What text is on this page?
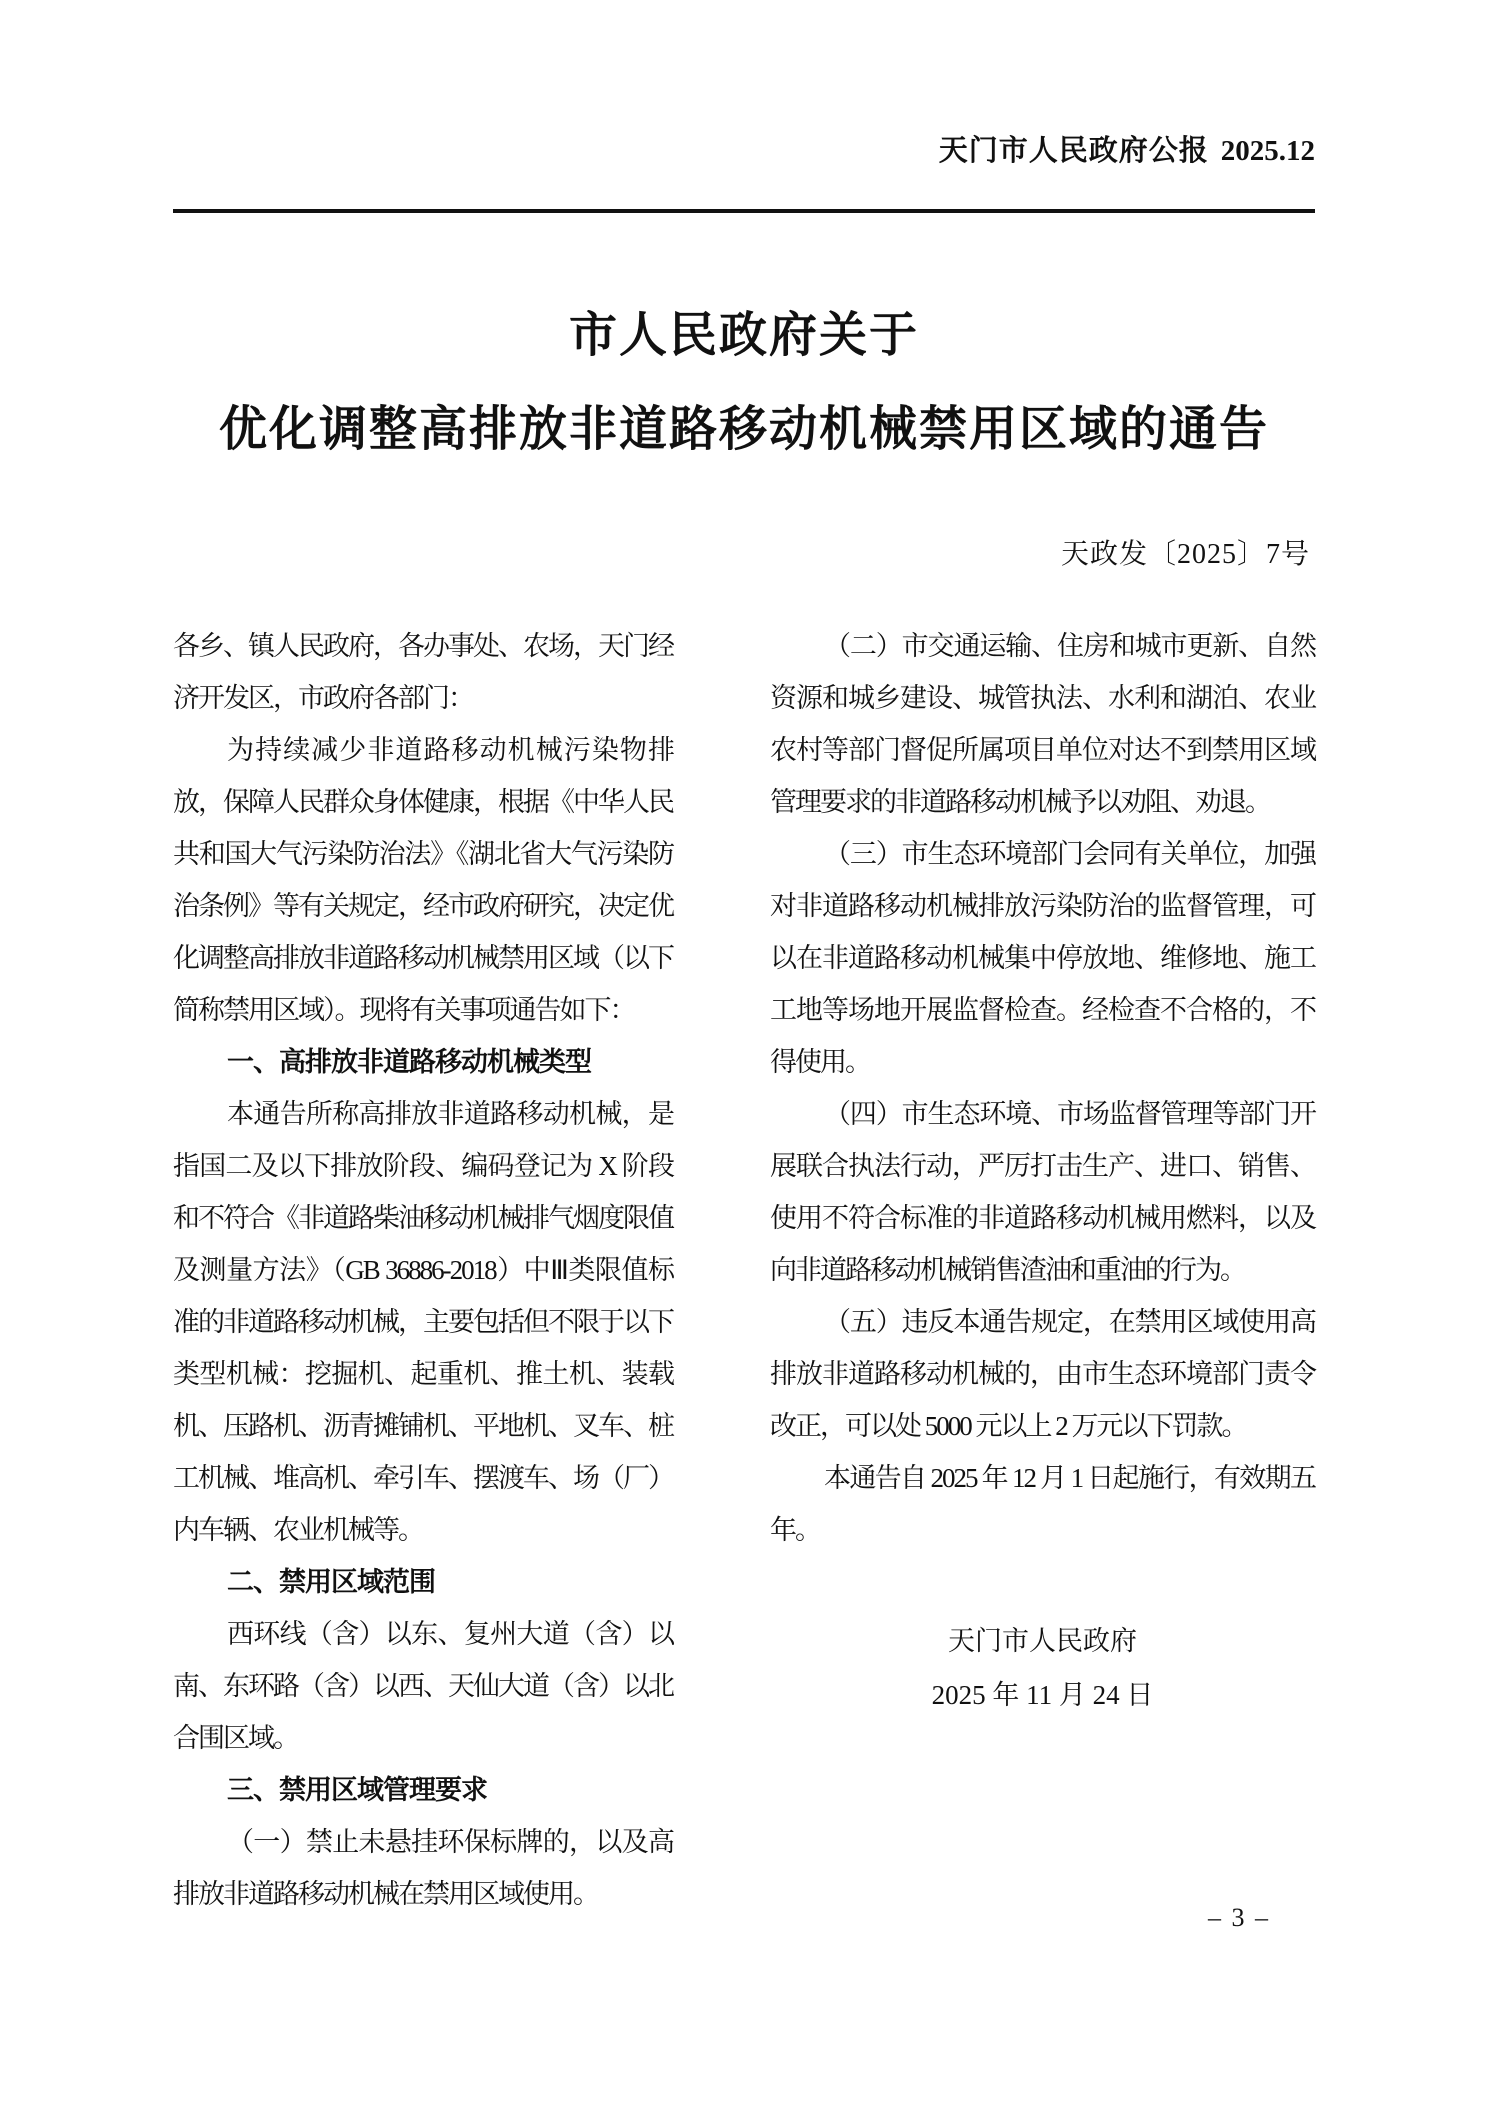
天门市人民政府公报 2025.12
市人民政府关于
优化调整高排放非道路移动机械禁用区域的通告
天政发〔2025〕7号

各乡、镇人民政府，各办事处、农场，天门经济开发区，市政府各部门：

为持续减少非道路移动机械污染物排放，保障人民群众身体健康，根据《中华人民共和国大气污染防治法》《湖北省大气污染防治条例》等有关规定，经市政府研究，决定优化调整高排放非道路移动机械禁用区域（以下简称禁用区域）。现将有关事项通告如下：

一、高排放非道路移动机械类型

本通告所称高排放非道路移动机械，是指国二及以下排放阶段、编码登记为 X 阶段和不符合《非道路柴油移动机械排气烟度限值及测量方法》（GB 36886-2018）中Ⅲ类限值标准的非道路移动机械，主要包括但不限于以下类型机械：挖掘机、起重机、推土机、装载机、压路机、沥青摊铺机、平地机、叉车、桩工机械、堆高机、牵引车、摆渡车、场（厂）内车辆、农业机械等。

二、禁用区域范围

西环线（含）以东、复州大道（含）以南、东环路（含）以西、天仙大道（含）以北合围区域。

三、禁用区域管理要求

（一）禁止未悬挂环保标牌的，以及高排放非道路移动机械在禁用区域使用。

（二）市交通运输、住房和城市更新、自然资源和城乡建设、城管执法、水利和湖泊、农业农村等部门督促所属项目单位对达不到禁用区域管理要求的非道路移动机械予以劝阻、劝退。

（三）市生态环境部门会同有关单位，加强对非道路移动机械排放污染防治的监督管理，可以在非道路移动机械集中停放地、维修地、施工工地等场地开展监督检查。经检查不合格的，不得使用。

（四）市生态环境、市场监督管理等部门开展联合执法行动，严厉打击生产、进口、销售、使用不符合标准的非道路移动机械用燃料，以及向非道路移动机械销售渣油和重油的行为。

（五）违反本通告规定，在禁用区域使用高排放非道路移动机械的，由市生态环境部门责令改正，可以处 5000 元以上 2 万元以下罚款。

本通告自 2025 年 12 月 1 日起施行，有效期五年。

天门市人民政府
2025 年 11 月 24 日
– 3 –
